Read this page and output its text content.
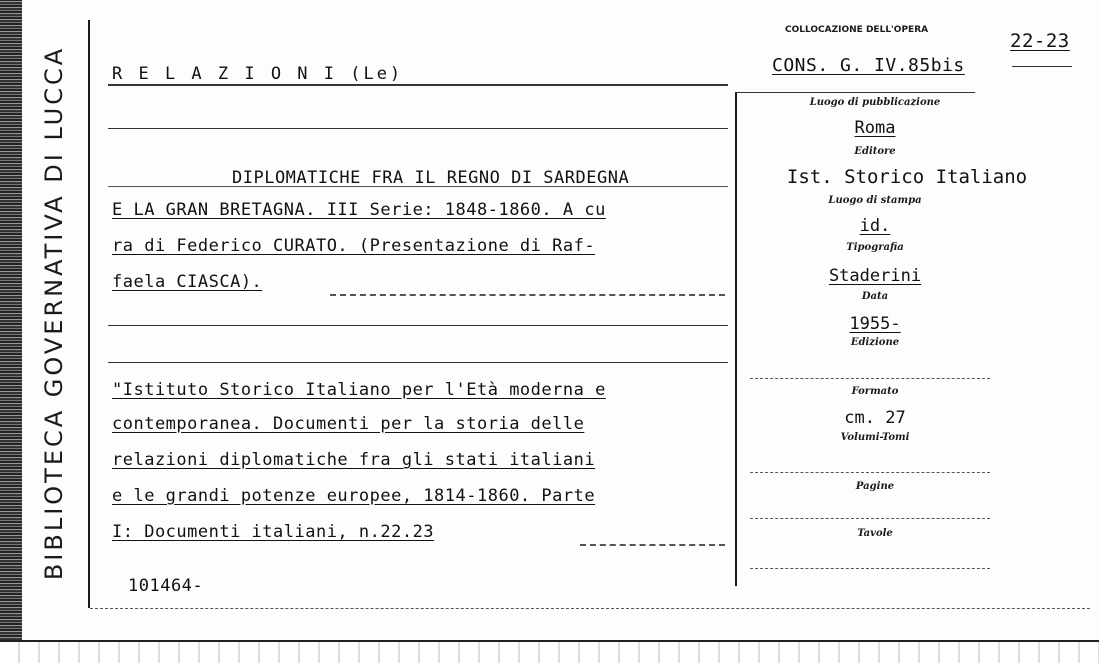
BIBLIOTECA GOVERNATIVA DI LUCCA
COLLOCAZIONE DELL'OPERA
CONS. G. IV.85bis
22-23
R E L A Z I O N I (Le)
DIPLOMATICHE FRA IL REGNO DI SARDEGNA
E LA GRAN BRETAGNA. III Serie: 1848-1860. A cu
ra di Federico CURATO. (Presentazione di Raf-
faela CIASCA).
"Istituto Storico Italiano per l'Età moderna e
contemporanea. Documenti per la storia delle
relazioni diplomatiche fra gli stati italiani
e le grandi potenze europee, 1814-1860. Parte
I: Documenti italiani, n.22.23
101464-
Luogo di pubblicazione
Roma
Editore
Ist. Storico Italiano
Luogo di stampa
id.
Tipografia
Staderini
Data
1955-
Edizione
Formato
cm. 27
Volumi-Tomi
Pagine
Tavole
